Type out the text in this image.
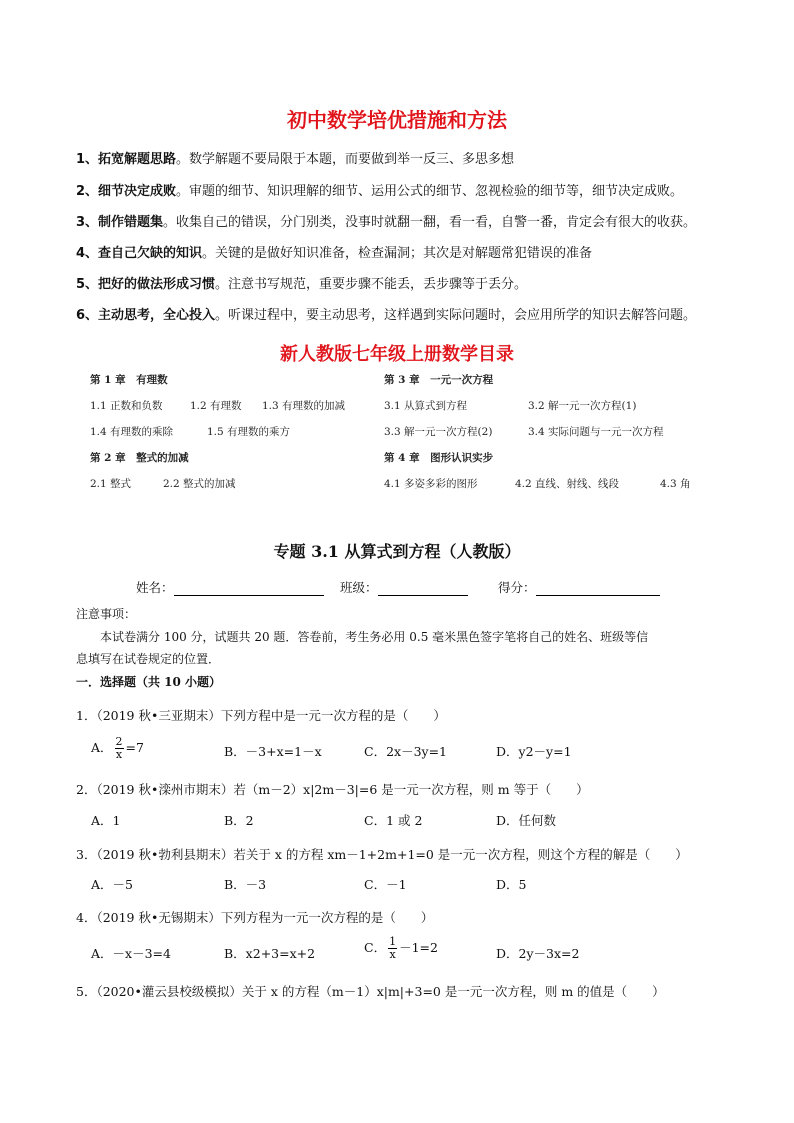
初中数学培优措施和方法
1、拓宽解题思路。数学解题不要局限于本题，而要做到举一反三、多思多想
2、细节决定成败。审题的细节、知识理解的细节、运用公式的细节、忽视检验的细节等，细节决定成败。
3、制作错题集。收集自己的错误，分门别类，没事时就翻一翻，看一看，自警一番，肯定会有很大的收获。
4、查自己欠缺的知识。关键的是做好知识准备，检查漏洞；其次是对解题常犯错误的准备
5、把好的做法形成习惯。注意书写规范，重要步骤不能丢，丢步骤等于丢分。
6、主动思考，全心投入。听课过程中，要主动思考，这样遇到实际问题时，会应用所学的知识去解答问题。
新人教版七年级上册数学目录
第 1 章　有理数
1.1 正数和负数	1.2 有理数 1.3 有理数的加减
1.4 有理数的乘除	1.5 有理数的乘方
第 2 章　整式的加减
2.1 整式	2.2 整式的加减
第 3 章　一元一次方程
3.1 从算式到方程	3.2 解一元一次方程(1)
3.3 解一元一次方程(2)	3.4 实际问题与一元一次方程
第 4 章　图形认识实步
4.1 多姿多彩的图形	4.2 直线、射线、线段	4.3 角
专题 3.1 从算式到方程（人教版）
姓名：	班级：	得分：
注意事项：
本试卷满分 100 分，试题共 20 题．答卷前，考生务必用 0.5 毫米黑色签字笔将自己的姓名、班级等信
息填写在试卷规定的位置．
一．选择题（共 10 小题）
1．（2019 秋•三亚期末）下列方程中是一元一次方程的是（　　）
A． $\frac{2}{x} =7$	B．－3+x=1－x	C．2x－3y=1	D．y2－y=1
2．（2019 秋•滦州市期末）若（m－2）x|2m－3|=6 是一元一次方程，则 m 等于（　　）
A．1	B．2	C．1 或 2	D．任何数
3．（2019 秋•勃利县期末）若关于 x 的方程 xm－1+2m+1=0 是一元一次方程，则这个方程的解是（　　）
A．－5	B．－3	C．－1	D．5
4．（2019 秋•无锡期末）下列方程为一元一次方程的是（　　）
A．－x－3=4	B．x2+3=x+2	C． $\frac{1}{x} -1=2$	D．2y－3x=2
5．（2020•灌云县校级模拟）关于 x 的方程（m－1）x|m|+3=0 是一元一次方程，则 m 的值是（　　）
